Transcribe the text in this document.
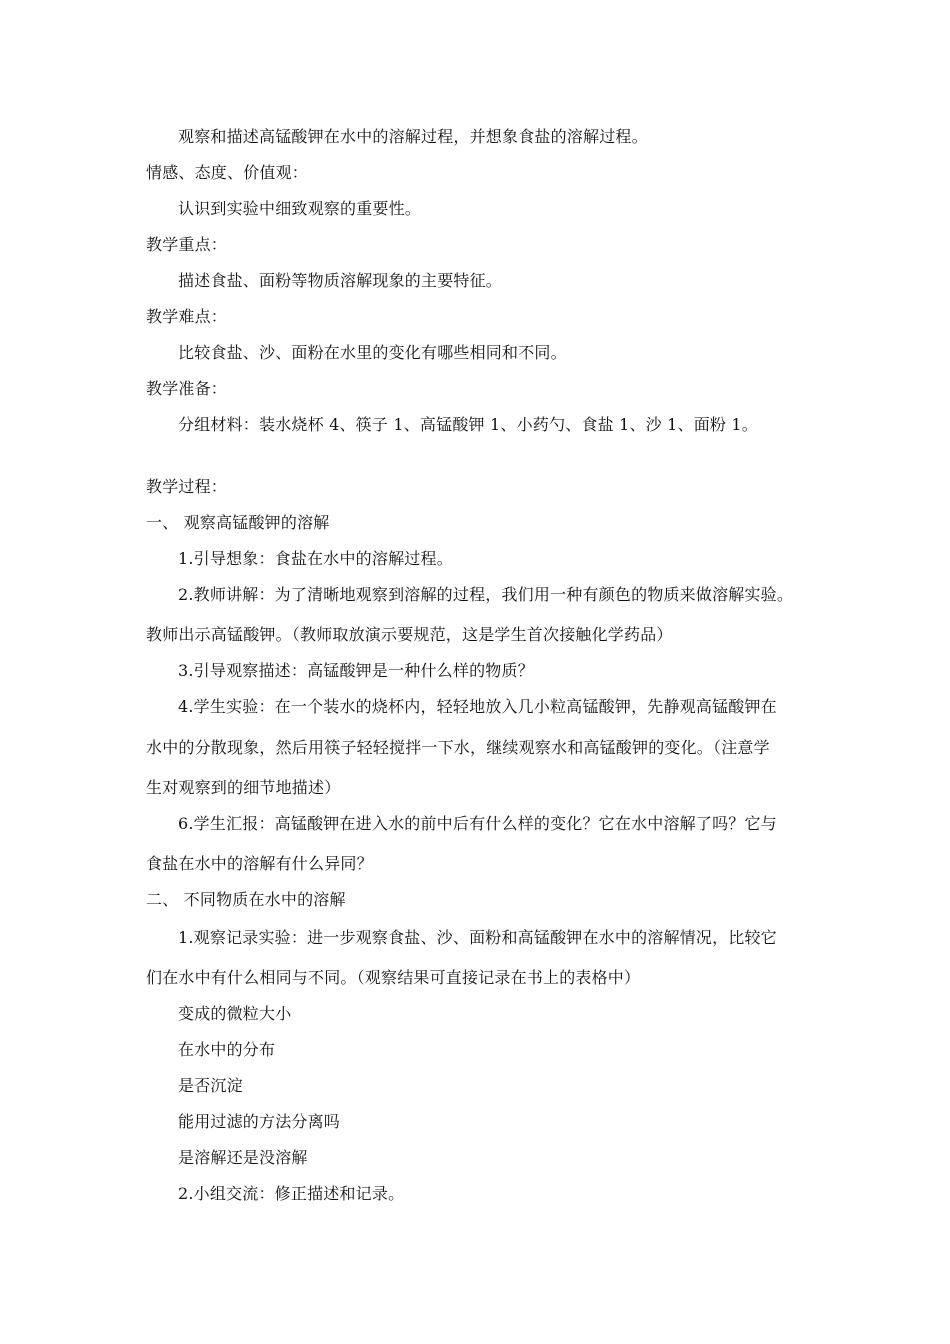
观察和描述高锰酸钾在水中的溶解过程，并想象食盐的溶解过程。
情感、态度、价值观：
认识到实验中细致观察的重要性。
教学重点：
描述食盐、面粉等物质溶解现象的主要特征。
教学难点：
比较食盐、沙、面粉在水里的变化有哪些相同和不同。
教学准备：
分组材料：装水烧杯 4、筷子 1、高锰酸钾 1、小药勺、食盐 1、沙 1、面粉 1。
教学过程：
一、 观察高锰酸钾的溶解
1.引导想象：食盐在水中的溶解过程。
2.教师讲解：为了清晰地观察到溶解的过程，我们用一种有颜色的物质来做溶解实验。
教师出示高锰酸钾。（教师取放演示要规范，这是学生首次接触化学药品）
3.引导观察描述：高锰酸钾是一种什么样的物质？
4.学生实验：在一个装水的烧杯内，轻轻地放入几小粒高锰酸钾，先静观高锰酸钾在
水中的分散现象，然后用筷子轻轻搅拌一下水，继续观察水和高锰酸钾的变化。（注意学
生对观察到的细节地描述）
6.学生汇报：高锰酸钾在进入水的前中后有什么样的变化？它在水中溶解了吗？它与
食盐在水中的溶解有什么异同？
二、 不同物质在水中的溶解
1.观察记录实验：进一步观察食盐、沙、面粉和高锰酸钾在水中的溶解情况，比较它
们在水中有什么相同与不同。（观察结果可直接记录在书上的表格中）
变成的微粒大小
在水中的分布
是否沉淀
能用过滤的方法分离吗
是溶解还是没溶解
2.小组交流：修正描述和记录。
